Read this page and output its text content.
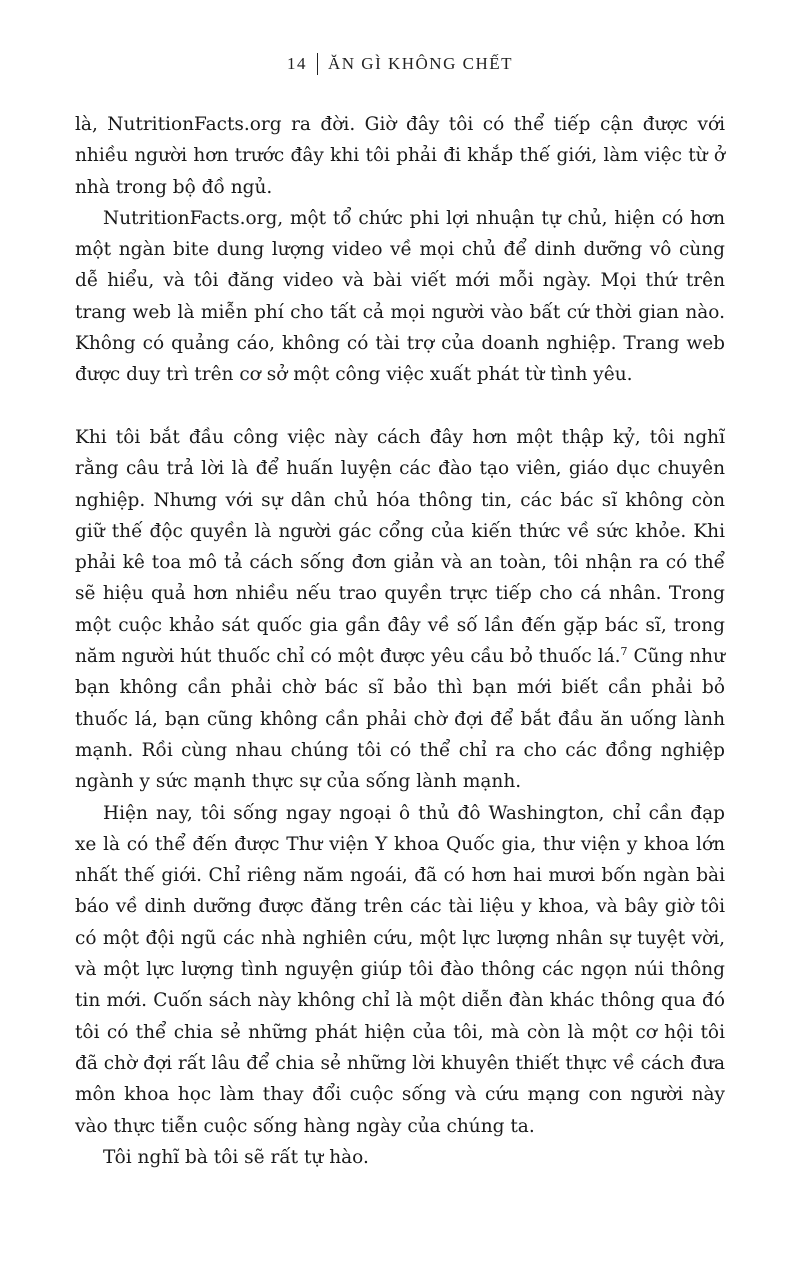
14 ĂN GÌ KHÔNG CHẾT

là, NutritionFacts.org ra đời. Giờ đây tôi có thể tiếp cận được với nhiều người hơn trước đây khi tôi phải đi khắp thế giới, làm việc từ ở nhà trong bộ đồ ngủ.

NutritionFacts.org, một tổ chức phi lợi nhuận tự chủ, hiện có hơn một ngàn bite dung lượng video về mọi chủ để dinh dưỡng vô cùng dễ hiểu, và tôi đăng video và bài viết mới mỗi ngày. Mọi thứ trên trang web là miễn phí cho tất cả mọi người vào bất cứ thời gian nào. Không có quảng cáo, không có tài trợ của doanh nghiệp. Trang web được duy trì trên cơ sở một công việc xuất phát từ tình yêu.

Khi tôi bắt đầu công việc này cách đây hơn một thập kỷ, tôi nghĩ rằng câu trả lời là để huấn luyện các đào tạo viên, giáo dục chuyên nghiệp. Nhưng với sự dân chủ hóa thông tin, các bác sĩ không còn giữ thế độc quyền là người gác cổng của kiến thức về sức khỏe. Khi phải kê toa mô tả cách sống đơn giản và an toàn, tôi nhận ra có thể sẽ hiệu quả hơn nhiều nếu trao quyền trực tiếp cho cá nhân. Trong một cuộc khảo sát quốc gia gần đây về số lần đến gặp bác sĩ, trong năm người hút thuốc chỉ có một được yêu cầu bỏ thuốc lá.$^7$ Cũng như bạn không cần phải chờ bác sĩ bảo thì bạn mới biết cần phải bỏ thuốc lá, bạn cũng không cần phải chờ đợi để bắt đầu ăn uống lành mạnh. Rồi cùng nhau chúng tôi có thể chỉ ra cho các đồng nghiệp ngành y sức mạnh thực sự của sống lành mạnh.

Hiện nay, tôi sống ngay ngoại ô thủ đô Washington, chỉ cần đạp xe là có thể đến được Thư viện Y khoa Quốc gia, thư viện y khoa lớn nhất thế giới. Chỉ riêng năm ngoái, đã có hơn hai mươi bốn ngàn bài báo về dinh dưỡng được đăng trên các tài liệu y khoa, và bây giờ tôi có một đội ngũ các nhà nghiên cứu, một lực lượng nhân sự tuyệt vời, và một lực lượng tình nguyện giúp tôi đào thông các ngọn núi thông tin mới. Cuốn sách này không chỉ là một diễn đàn khác thông qua đó tôi có thể chia sẻ những phát hiện của tôi, mà còn là một cơ hội tôi đã chờ đợi rất lâu để chia sẻ những lời khuyên thiết thực về cách đưa môn khoa học làm thay đổi cuộc sống và cứu mạng con người này vào thực tiễn cuộc sống hàng ngày của chúng ta.

Tôi nghĩ bà tôi sẽ rất tự hào.
